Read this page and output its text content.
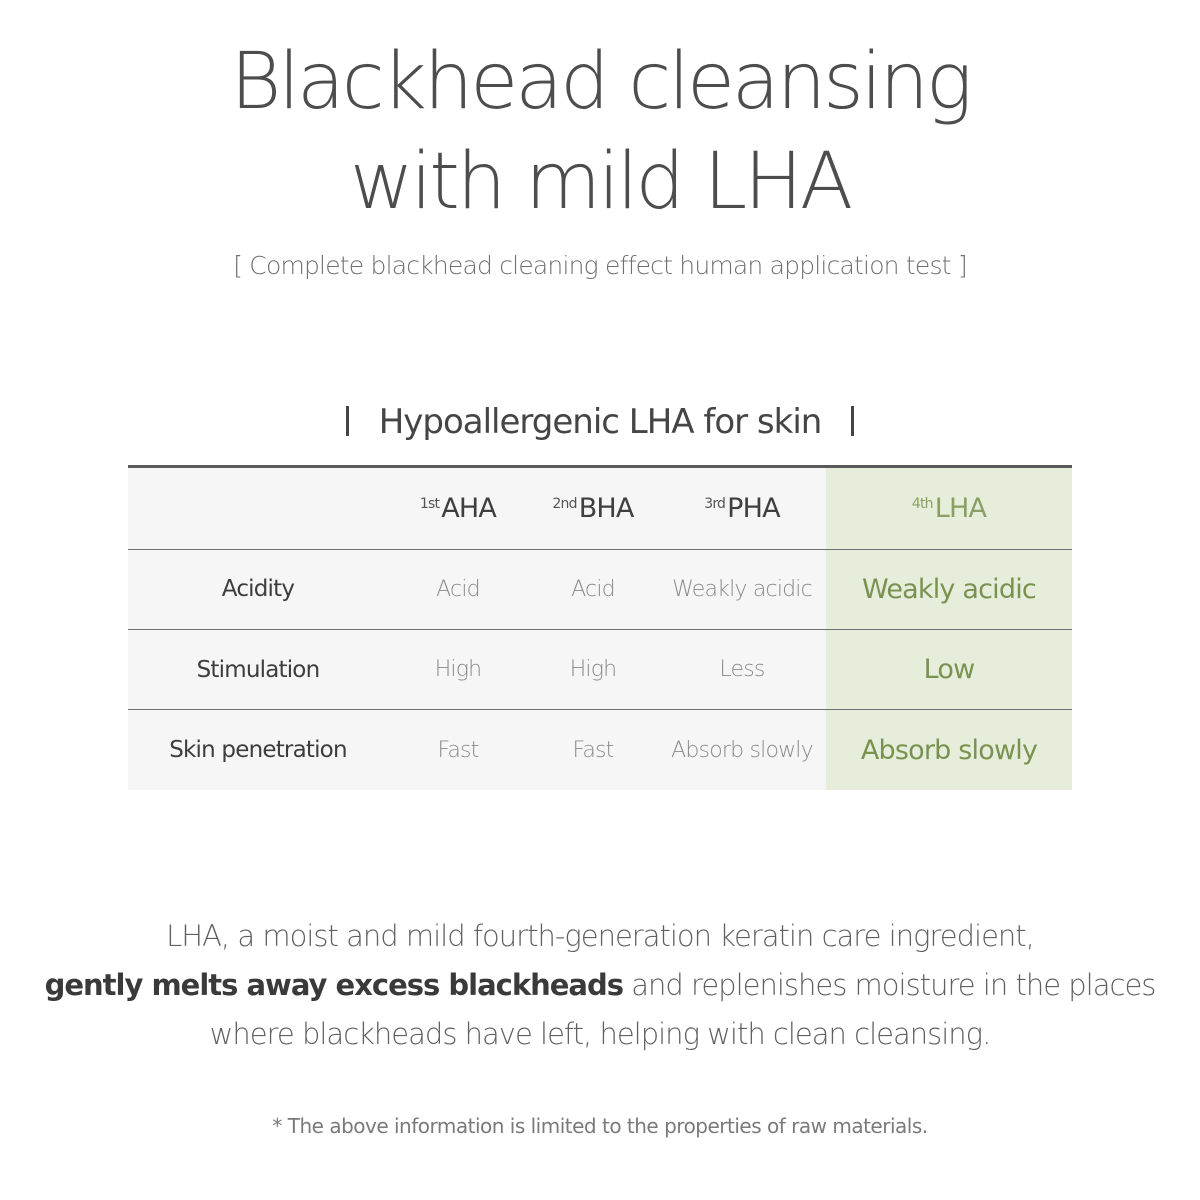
Blackhead cleansing
with mild LHA
[ Complete blackhead cleaning effect human application test ]
Hypoallergenic LHA for skin
	$^{1st}$AHA	$^{2nd}$BHA	$^{3rd}$PHA	$^{4th}$LHA
Acidity	Acid	Acid	Weakly acidic	Weakly acidic
Stimulation	High	High	Less	Low
Skin penetration	Fast	Fast	Absorb slowly	Absorb slowly

LHA, a moist and mild fourth-generation keratin care ingredient,

gently melts away excess blackheads and replenishes moisture in the places

where blackheads have left, helping with clean cleansing.

* The above information is limited to the properties of raw materials.
